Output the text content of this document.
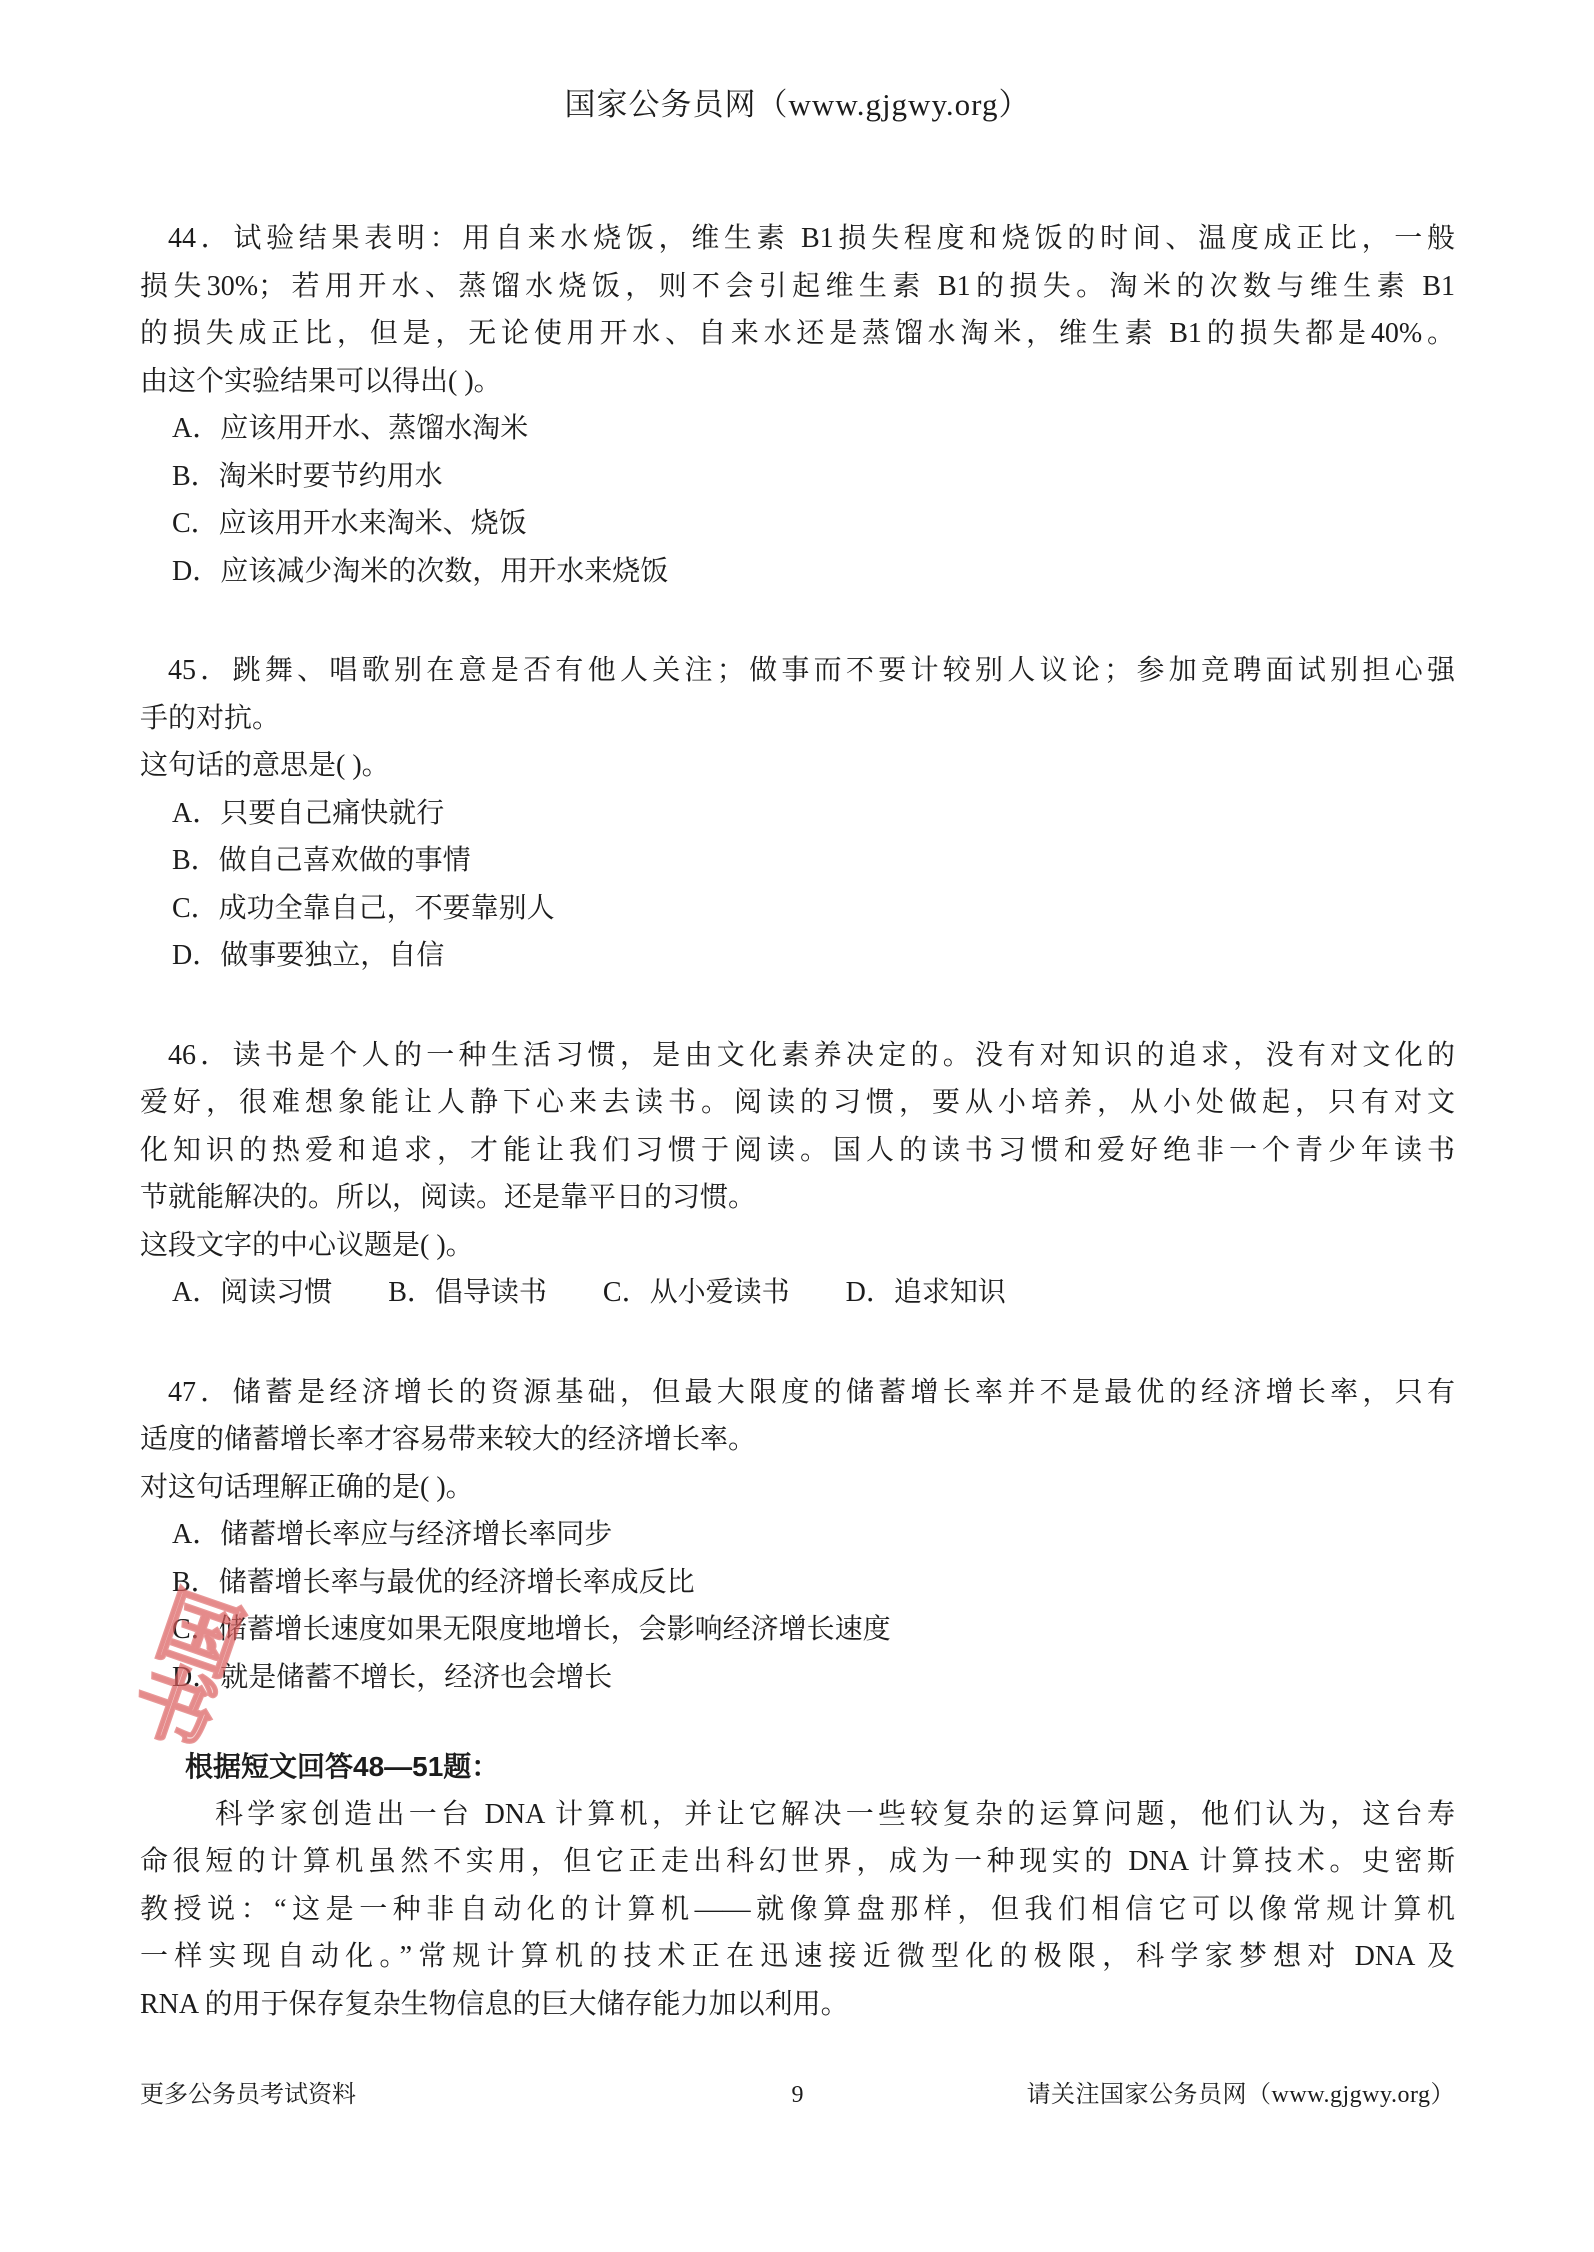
国家公务员网（www.gjgwy.org）
44．试验结果表明：用自来水烧饭，维生素 B1损失程度和烧饭的时间、温度成正比，一般
损失30%；若用开水、蒸馏水烧饭，则不会引起维生素 B1的损失。淘米的次数与维生素 B1
的损失成正比，但是，无论使用开水、自来水还是蒸馏水淘米，维生素 B1的损失都是40%。
由这个实验结果可以得出( )。
A．应该用开水、蒸馏水淘米
B．淘米时要节约用水
C．应该用开水来淘米、烧饭
D．应该减少淘米的次数，用开水来烧饭
45．跳舞、唱歌别在意是否有他人关注；做事而不要计较别人议论；参加竞聘面试别担心强
手的对抗。
这句话的意思是( )。
A．只要自己痛快就行
B．做自己喜欢做的事情
C．成功全靠自己，不要靠别人
D．做事要独立，自信
46．读书是个人的一种生活习惯，是由文化素养决定的。没有对知识的追求，没有对文化的
爱好，很难想象能让人静下心来去读书。阅读的习惯，要从小培养，从小处做起，只有对文
化知识的热爱和追求，才能让我们习惯于阅读。国人的读书习惯和爱好绝非一个青少年读书
节就能解决的。所以，阅读。还是靠平日的习惯。
这段文字的中心议题是( )。
A．阅读习惯 B．倡导读书 C．从小爱读书 D．追求知识
47．储蓄是经济增长的资源基础，但最大限度的储蓄增长率并不是最优的经济增长率，只有
适度的储蓄增长率才容易带来较大的经济增长率。
对这句话理解正确的是( )。
A．储蓄增长率应与经济增长率同步
B．储蓄增长率与最优的经济增长率成反比
C．储蓄增长速度如果无限度地增长，会影响经济增长速度
D．就是储蓄不增长，经济也会增长
根据短文回答48—51题：
科学家创造出一台 DNA 计算机，并让它解决一些较复杂的运算问题，他们认为，这台寿
命很短的计算机虽然不实用，但它正走出科幻世界，成为一种现实的 DNA 计算技术。史密斯
教授说：“这是一种非自动化的计算机——就像算盘那样，但我们相信它可以像常规计算机
一样实现自动化。”常规计算机的技术正在迅速接近微型化的极限，科学家梦想对 DNA 及
RNA 的用于保存复杂生物信息的巨大储存能力加以利用。
国
书
更多公务员考试资料	9	请关注国家公务员网（www.gjgwy.org）
